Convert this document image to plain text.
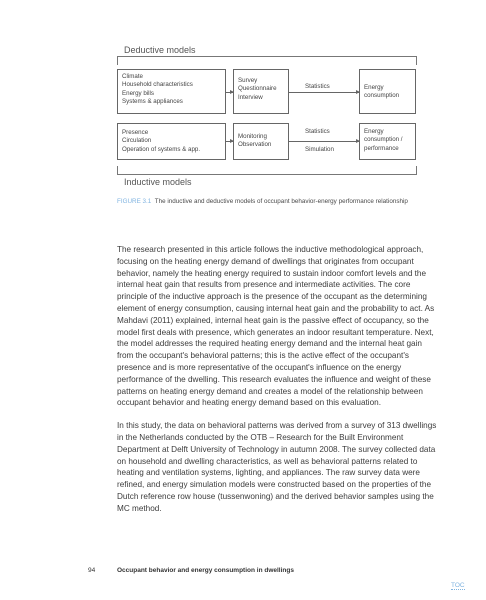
Deductive models
Climate
Household characteristics
Energy bills
Systems & appliances
Survey
Questionnaire
Interview
Statistics	Energy
consumption
Presence
Circulation
Operation of systems & app.
Monitoring
Observation
Statistics
Simulation
Energy
consumption /
performance
Inductive models
FIGURE 3.1 The inductive and deductive models of occupant behavior-energy performance relationship

The research presented in this article follows the inductive methodological approach, focusing on the heating energy demand of dwellings that originates from occupant behavior, namely the heating energy required to sustain indoor comfort levels and the internal heat gain that results from presence and intermediate activities. The core principle of the inductive approach is the presence of the occupant as the determining element of energy consumption, causing internal heat gain and the probability to act. As Mahdavi (2011) explained, internal heat gain is the passive effect of occupancy, so the model first deals with presence, which generates an indoor resultant temperature. Next, the model addresses the required heating energy demand and the internal heat gain from the occupant's behavioral patterns; this is the active effect of the occupant's presence and is more representative of the occupant's influence on the energy performance of the dwelling. This research evaluates the influence and weight of these patterns on heating energy demand and creates a model of the relationship between occupant behavior and heating energy demand based on this evaluation.

In this study, the data on behavioral patterns was derived from a survey of 313 dwellings in the Netherlands conducted by the OTB – Research for the Built Environment Department at Delft University of Technology in autumn 2008. The survey collected data on household and dwelling characteristics, as well as behavioral patterns related to heating and ventilation systems, lighting, and appliances. The raw survey data were refined, and energy simulation models were constructed based on the properties of the Dutch reference row house (tussenwoning) and the derived behavior samples using the MC method.

94	Occupant behavior and energy consumption in dwellings
TOC
